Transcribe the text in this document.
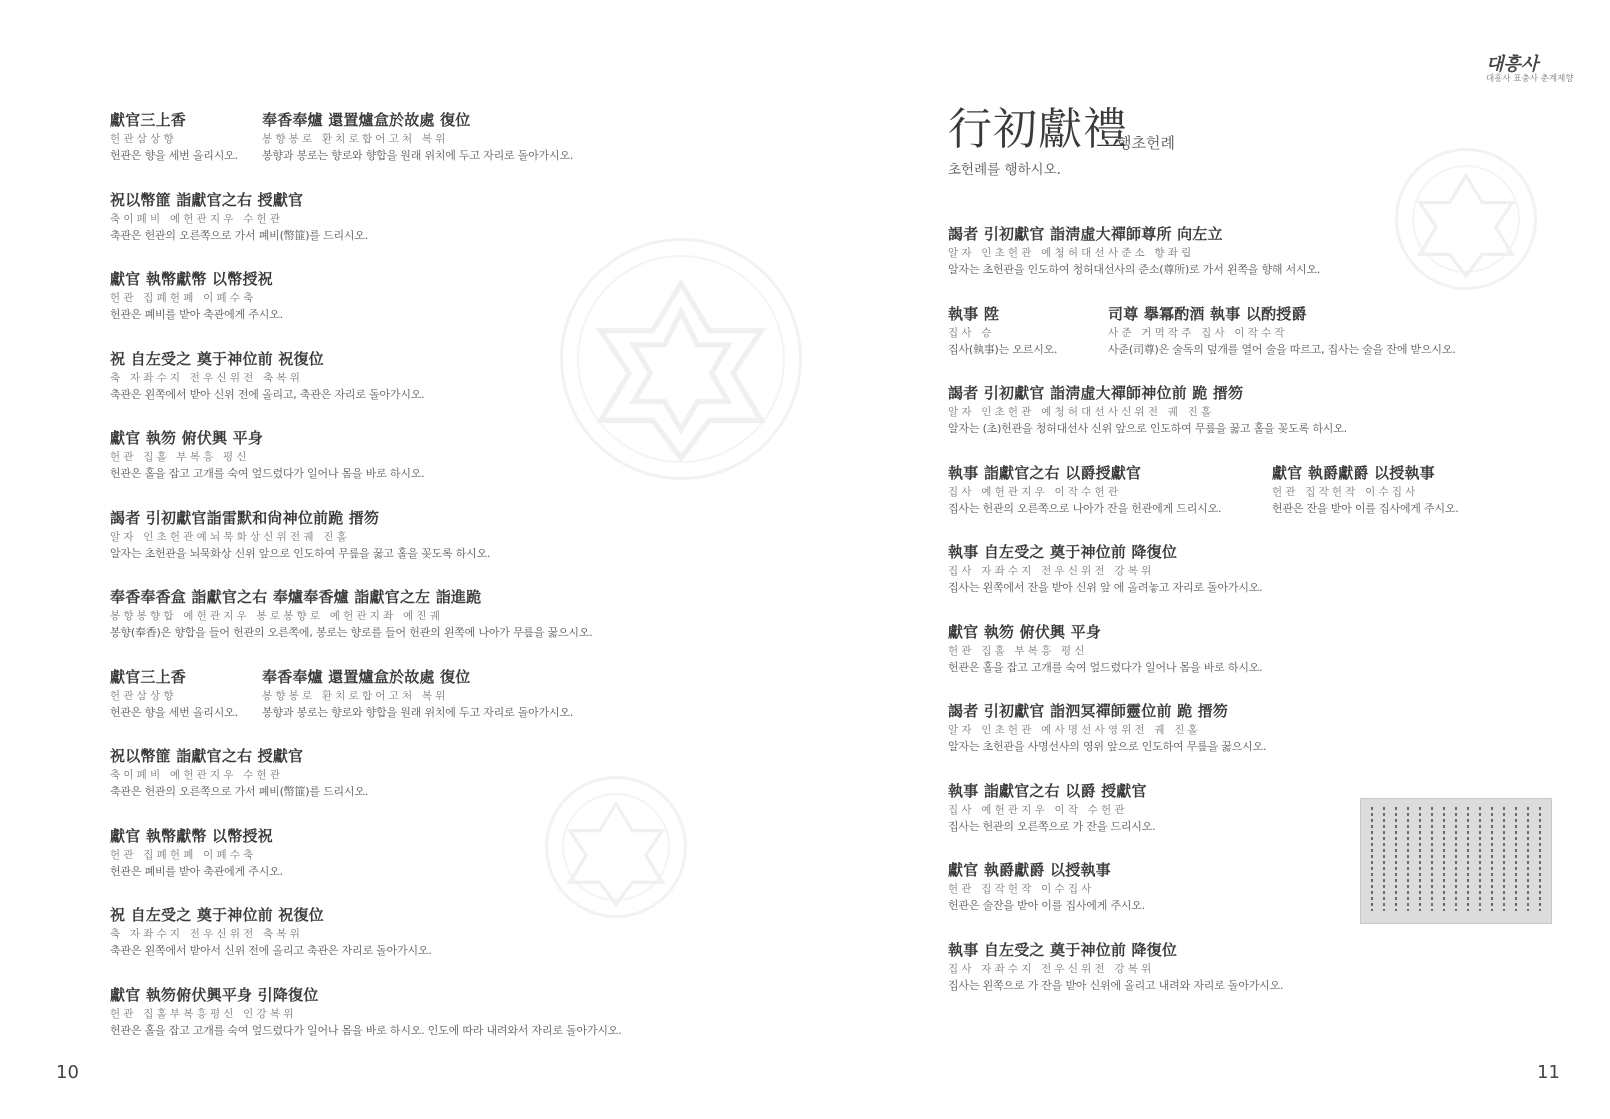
獻官三上香
헌관삼상향
헌관은 향을 세번 올리시오.
奉香奉爐 還置爐盒於故處 復位
봉향봉로 환치로합어고처 복위
봉향과 봉로는 향로와 향합을 원래 위치에 두고 자리로 돌아가시오.
祝以幣篚 詣獻官之右 授獻官
축이폐비 예헌관지우 수헌관
축관은 헌관의 오른쪽으로 가서 폐비(幣篚)를 드리시오.
獻官 執幣獻幣 以幣授祝
헌관 집폐헌폐 이폐수축
헌관은 폐비를 받아 축관에게 주시오.
祝 自左受之 奠于神位前 祝復位
축 자좌수지 전우신위전 축복위
축관은 왼쪽에서 받아 신위 전에 올리고, 축관은 자리로 돌아가시오.
獻官 執笏 俯伏興 平身
헌관 집홀 부복흥 평신
헌관은 홀을 잡고 고개를 숙여 엎드렸다가 일어나 몸을 바로 하시오.
謁者 引初獻官詣雷默和尙神位前跪 搢笏
알자 인초헌관예뇌묵화상신위전궤 진홀
알자는 초헌관을 뇌묵화상 신위 앞으로 인도하여 무릎을 꿇고 홀을 꽂도록 하시오.
奉香奉香盒 詣獻官之右 奉爐奉香爐 詣獻官之左 詣進跪
봉향봉향합 예헌관지우 봉로봉향로 예헌관지좌 예진궤
봉향(奉香)은 향합을 들어 헌관의 오른쪽에, 봉로는 향로를 들어 헌관의 왼쪽에 나아가 무릎을 꿇으시오.
獻官三上香
헌관삼상향
헌관은 향을 세번 올리시오.
奉香奉爐 還置爐盒於故處 復位
봉향봉로 환치로합어고처 복위
봉향과 봉로는 향로와 향합을 원래 위치에 두고 자리로 돌아가시오.
祝以幣篚 詣獻官之右 授獻官
축이폐비 예헌관지우 수헌관
축관은 헌관의 오른쪽으로 가서 폐비(幣篚)를 드리시오.
獻官 執幣獻幣 以幣授祝
헌관 집폐헌폐 이폐수축
헌관은 폐비를 받아 축관에게 주시오.
祝 自左受之 奠于神位前 祝復位
축 자좌수지 전우신위전 축복위
축관은 왼쪽에서 받아서 신위 전에 올리고 축관은 자리로 돌아가시오.
獻官 執笏俯伏興平身 引降復位
헌관 집홀부복흥평신 인강복위
헌관은 홀을 잡고 고개를 숙여 엎드렸다가 일어나 몸을 바로 하시오. 인도에 따라 내려와서 자리로 돌아가시오.
10
대흥사
대흥사 표충사 춘계제향
行初獻禮
행초헌례
초헌례를 행하시오.
謁者 引初獻官 詣淸虛大禪師尊所 向左立
알자 인초헌관 예청허대선사준소 향좌립
알자는 초헌관을 인도하여 청허대선사의 준소(尊所)로 가서 왼쪽을 향해 서시오.
執事 陞
집사 승
집사(執事)는 오르시오.
司尊 擧冪酌酒 執事 以酌授爵
사준 거멱작주 집사 이작수작
사준(司尊)은 술독의 덮개를 열어 술을 따르고, 집사는 술을 잔에 받으시오.
謁者 引初獻官 詣淸虛大禪師神位前 跪 搢笏
알자 인초헌관 예청허대선사신위전 궤 진홀
알자는 (초)헌관을 청허대선사 신위 앞으로 인도하여 무릎을 꿇고 홀을 꽂도록 하시오.
執事 詣獻官之右 以爵授獻官
집사 예헌관지우 이작수헌관
집사는 헌관의 오른쪽으로 나아가 잔을 헌관에게 드리시오.
獻官 執爵獻爵 以授執事
헌관 집작헌작 이수집사
헌관은 잔을 받아 이를 집사에게 주시오.
執事 自左受之 奠于神位前 降復位
집사 자좌수지 전우신위전 강복위
집사는 왼쪽에서 잔을 받아 신위 앞 에 올려놓고 자리로 돌아가시오.
獻官 執笏 俯伏興 平身
헌관 집홀 부복흥 평신
헌관은 홀을 잡고 고개를 숙여 엎드렸다가 일어나 몸을 바로 하시오.
謁者 引初獻官 詣泗冥禪師靈位前 跪 搢笏
알자 인초헌관 예사명선사영위전 궤 진홀
알자는 초헌관을 사명선사의 영위 앞으로 인도하여 무릎을 꿇으시오.
執事 詣獻官之右 以爵 授獻官
집사 예헌관지우 이작 수헌관
집사는 헌관의 오른쪽으로 가 잔을 드리시오.
獻官 執爵獻爵 以授執事
헌관 집작헌작 이수집사
헌관은 술잔을 받아 이를 집사에게 주시오.
執事 自左受之 奠于神位前 降復位
집사 자좌수지 전우신위전 강복위
집사는 왼쪽으로 가 잔을 받아 신위에 올리고 내려와 자리로 돌아가시오.
11
